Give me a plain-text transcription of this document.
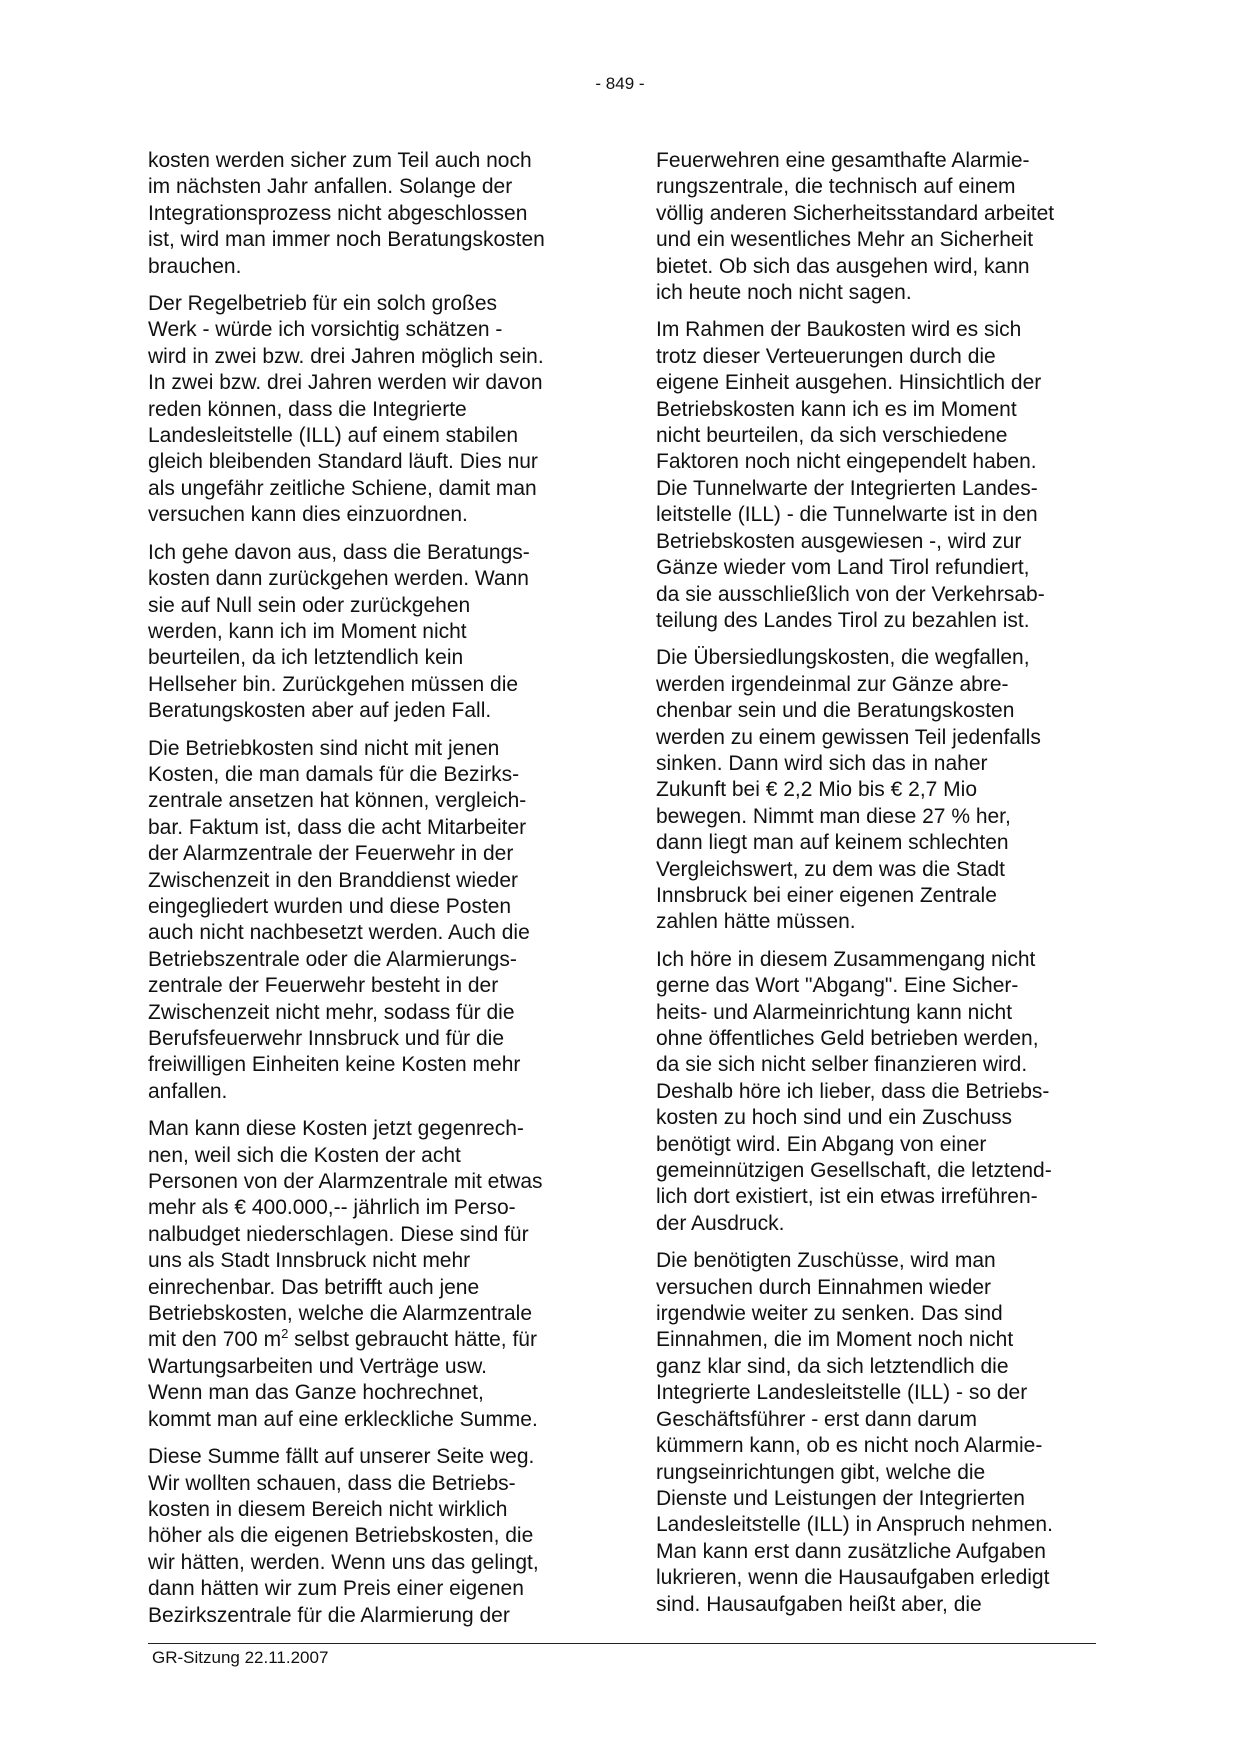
- 849 -

kosten werden sicher zum Teil auch noch
im nächsten Jahr anfallen. Solange der
Integrationsprozess nicht abgeschlossen
ist, wird man immer noch Beratungskosten
brauchen.

Der Regelbetrieb für ein solch großes
Werk - würde ich vorsichtig schätzen -
wird in zwei bzw. drei Jahren möglich sein.
In zwei bzw. drei Jahren werden wir davon
reden können, dass die Integrierte
Landesleitstelle (ILL) auf einem stabilen
gleich bleibenden Standard läuft. Dies nur
als ungefähr zeitliche Schiene, damit man
versuchen kann dies einzuordnen.

Ich gehe davon aus, dass die Beratungs-
kosten dann zurückgehen werden. Wann
sie auf Null sein oder zurückgehen
werden, kann ich im Moment nicht
beurteilen, da ich letztendlich kein
Hellseher bin. Zurückgehen müssen die
Beratungskosten aber auf jeden Fall.

Die Betriebkosten sind nicht mit jenen
Kosten, die man damals für die Bezirks-
zentrale ansetzen hat können, vergleich-
bar. Faktum ist, dass die acht Mitarbeiter
der Alarmzentrale der Feuerwehr in der
Zwischenzeit in den Branddienst wieder
eingegliedert wurden und diese Posten
auch nicht nachbesetzt werden. Auch die
Betriebszentrale oder die Alarmierungs-
zentrale der Feuerwehr besteht in der
Zwischenzeit nicht mehr, sodass für die
Berufsfeuerwehr Innsbruck und für die
freiwilligen Einheiten keine Kosten mehr
anfallen.

Man kann diese Kosten jetzt gegenrech-
nen, weil sich die Kosten der acht
Personen von der Alarmzentrale mit etwas
mehr als € 400.000,-- jährlich im Perso-
nalbudget niederschlagen. Diese sind für
uns als Stadt Innsbruck nicht mehr
einrechenbar. Das betrifft auch jene
Betriebskosten, welche die Alarmzentrale
mit den 700 $m^2$ selbst gebraucht hätte, für
Wartungsarbeiten und Verträge usw.
Wenn man das Ganze hochrechnet,
kommt man auf eine erkleckliche Summe.

Diese Summe fällt auf unserer Seite weg.
Wir wollten schauen, dass die Betriebs-
kosten in diesem Bereich nicht wirklich
höher als die eigenen Betriebskosten, die
wir hätten, werden. Wenn uns das gelingt,
dann hätten wir zum Preis einer eigenen
Bezirkszentrale für die Alarmierung der

Feuerwehren eine gesamthafte Alarmie-
rungszentrale, die technisch auf einem
völlig anderen Sicherheitsstandard arbeitet
und ein wesentliches Mehr an Sicherheit
bietet. Ob sich das ausgehen wird, kann
ich heute noch nicht sagen.

Im Rahmen der Baukosten wird es sich
trotz dieser Verteuerungen durch die
eigene Einheit ausgehen. Hinsichtlich der
Betriebskosten kann ich es im Moment
nicht beurteilen, da sich verschiedene
Faktoren noch nicht eingependelt haben.
Die Tunnelwarte der Integrierten Landes-
leitstelle (ILL) - die Tunnelwarte ist in den
Betriebskosten ausgewiesen -, wird zur
Gänze wieder vom Land Tirol refundiert,
da sie ausschließlich von der Verkehrsab-
teilung des Landes Tirol zu bezahlen ist.

Die Übersiedlungskosten, die wegfallen,
werden irgendeinmal zur Gänze abre-
chenbar sein und die Beratungskosten
werden zu einem gewissen Teil jedenfalls
sinken. Dann wird sich das in naher
Zukunft bei € 2,2 Mio bis € 2,7 Mio
bewegen. Nimmt man diese 27 % her,
dann liegt man auf keinem schlechten
Vergleichswert, zu dem was die Stadt
Innsbruck bei einer eigenen Zentrale
zahlen hätte müssen.

Ich höre in diesem Zusammengang nicht
gerne das Wort "Abgang". Eine Sicher-
heits- und Alarmeinrichtung kann nicht
ohne öffentliches Geld betrieben werden,
da sie sich nicht selber finanzieren wird.
Deshalb höre ich lieber, dass die Betriebs-
kosten zu hoch sind und ein Zuschuss
benötigt wird. Ein Abgang von einer
gemeinnützigen Gesellschaft, die letztend-
lich dort existiert, ist ein etwas irreführen-
der Ausdruck.

Die benötigten Zuschüsse, wird man
versuchen durch Einnahmen wieder
irgendwie weiter zu senken. Das sind
Einnahmen, die im Moment noch nicht
ganz klar sind, da sich letztendlich die
Integrierte Landesleitstelle (ILL) - so der
Geschäftsführer - erst dann darum
kümmern kann, ob es nicht noch Alarmie-
rungseinrichtungen gibt, welche die
Dienste und Leistungen der Integrierten
Landesleitstelle (ILL) in Anspruch nehmen.
Man kann erst dann zusätzliche Aufgaben
lukrieren, wenn die Hausaufgaben erledigt
sind. Hausaufgaben heißt aber, die

GR-Sitzung 22.11.2007
